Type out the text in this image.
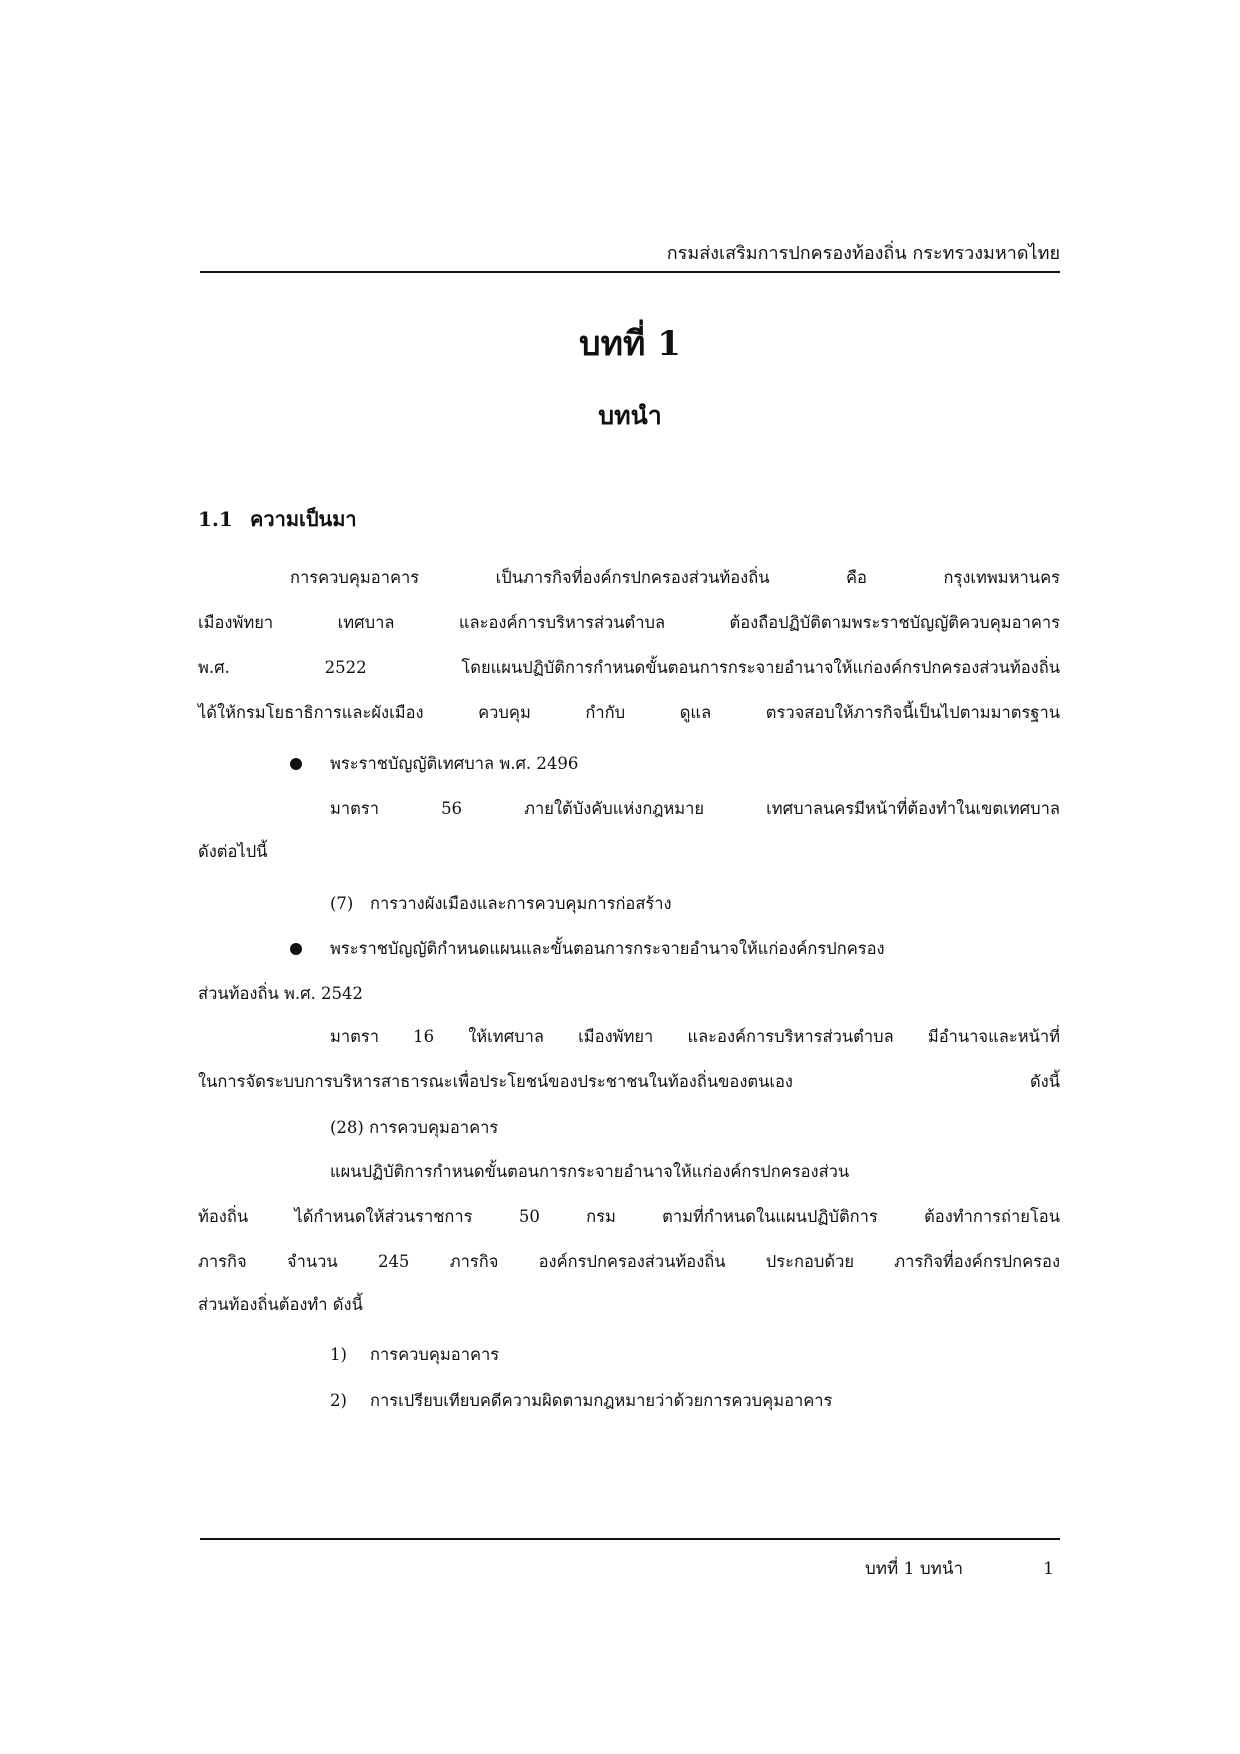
กรมส่งเสริมการปกครองท้องถิ่น กระทรวงมหาดไทย
บทที่ 1
บทนำ
1.1 ความเป็นมา
การควบคุมอาคาร เป็นภารกิจที่องค์กรปกครองส่วนท้องถิ่น คือ กรุงเทพมหานคร
เมืองพัทยา เทศบาล และองค์การบริหารส่วนตำบล ต้องถือปฏิบัติตามพระราชบัญญัติควบคุมอาคาร
พ.ศ. 2522 โดยแผนปฏิบัติการกำหนดขั้นตอนการกระจายอำนาจให้แก่องค์กรปกครองส่วนท้องถิ่น
ได้ให้กรมโยธาธิการและผังเมือง ควบคุม กำกับ ดูแล ตรวจสอบให้ภารกิจนี้เป็นไปตามมาตรฐาน
พระราชบัญญัติเทศบาล พ.ศ. 2496
มาตรา 56 ภายใต้บังคับแห่งกฎหมาย เทศบาลนครมีหน้าที่ต้องทำในเขตเทศบาล
ดังต่อไปนี้
(7) การวางผังเมืองและการควบคุมการก่อสร้าง
พระราชบัญญัติกำหนดแผนและขั้นตอนการกระจายอำนาจให้แก่องค์กรปกครอง
ส่วนท้องถิ่น พ.ศ. 2542
มาตรา 16 ให้เทศบาล เมืองพัทยา และองค์การบริหารส่วนตำบล มีอำนาจและหน้าที่
ในการจัดระบบการบริหารสาธารณะเพื่อประโยชน์ของประชาชนในท้องถิ่นของตนเอง ดังนี้
(28) การควบคุมอาคาร
แผนปฏิบัติการกำหนดขั้นตอนการกระจายอำนาจให้แก่องค์กรปกครองส่วน
ท้องถิ่น ได้กำหนดให้ส่วนราชการ 50 กรม ตามที่กำหนดในแผนปฏิบัติการ ต้องทำการถ่ายโอน
ภารกิจ จำนวน 245 ภารกิจ องค์กรปกครองส่วนท้องถิ่น ประกอบด้วย ภารกิจที่องค์กรปกครอง
ส่วนท้องถิ่นต้องทำ ดังนี้
1) การควบคุมอาคาร
2) การเปรียบเทียบคดีความผิดตามกฎหมายว่าด้วยการควบคุมอาคาร
บทที่ 1 บทนำ	1
